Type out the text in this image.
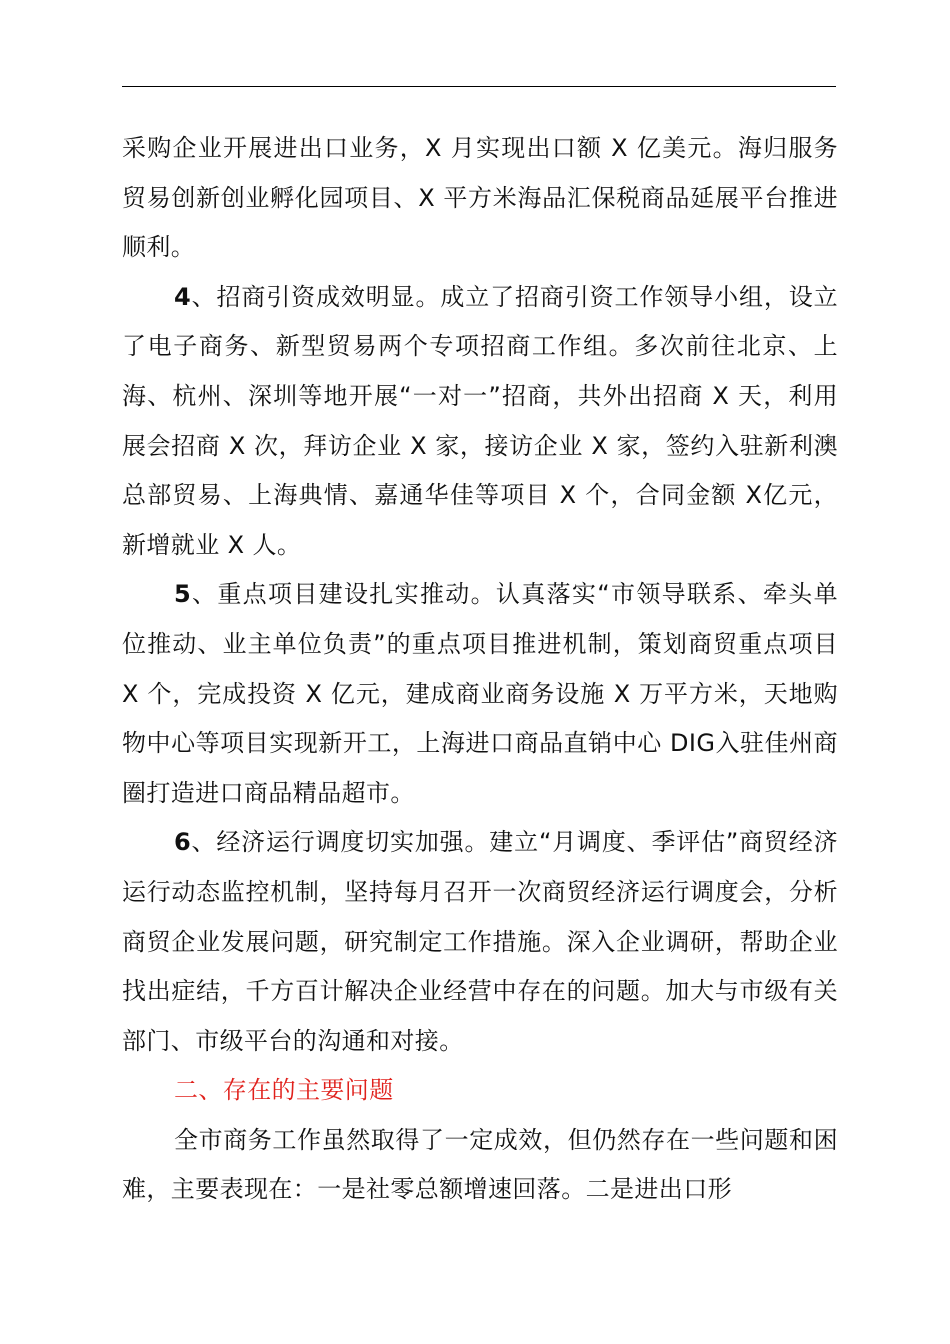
采购企业开展进出口业务，X 月实现出口额 X 亿美元。海归服务贸易创新创业孵化园项目、X 平方米海品汇保税商品延展平台推进顺利。

4、招商引资成效明显。成立了招商引资工作领导小组，设立了电子商务、新型贸易两个专项招商工作组。多次前往北京、上海、杭州、深圳等地开展“一对一”招商，共外出招商 X 天，利用展会招商 X 次，拜访企业 X 家，接访企业 X 家，签约入驻新利澳总部贸易、上海典情、嘉通华佳等项目 X 个，合同金额 X亿元，新增就业 X 人。

5、重点项目建设扎实推动。认真落实“市领导联系、牵头单位推动、业主单位负责”的重点项目推进机制，策划商贸重点项目 X 个，完成投资 X 亿元，建成商业商务设施 X 万平方米，天地购物中心等项目实现新开工，上海进口商品直销中心 DIG入驻佳州商圈打造进口商品精品超市。

6、经济运行调度切实加强。建立“月调度、季评估”商贸经济运行动态监控机制，坚持每月召开一次商贸经济运行调度会，分析商贸企业发展问题，研究制定工作措施。深入企业调研，帮助企业找出症结，千方百计解决企业经营中存在的问题。加大与市级有关部门、市级平台的沟通和对接。

二、存在的主要问题

全市商务工作虽然取得了一定成效，但仍然存在一些问题和困难，主要表现在：一是社零总额增速回落。二是进出口形
